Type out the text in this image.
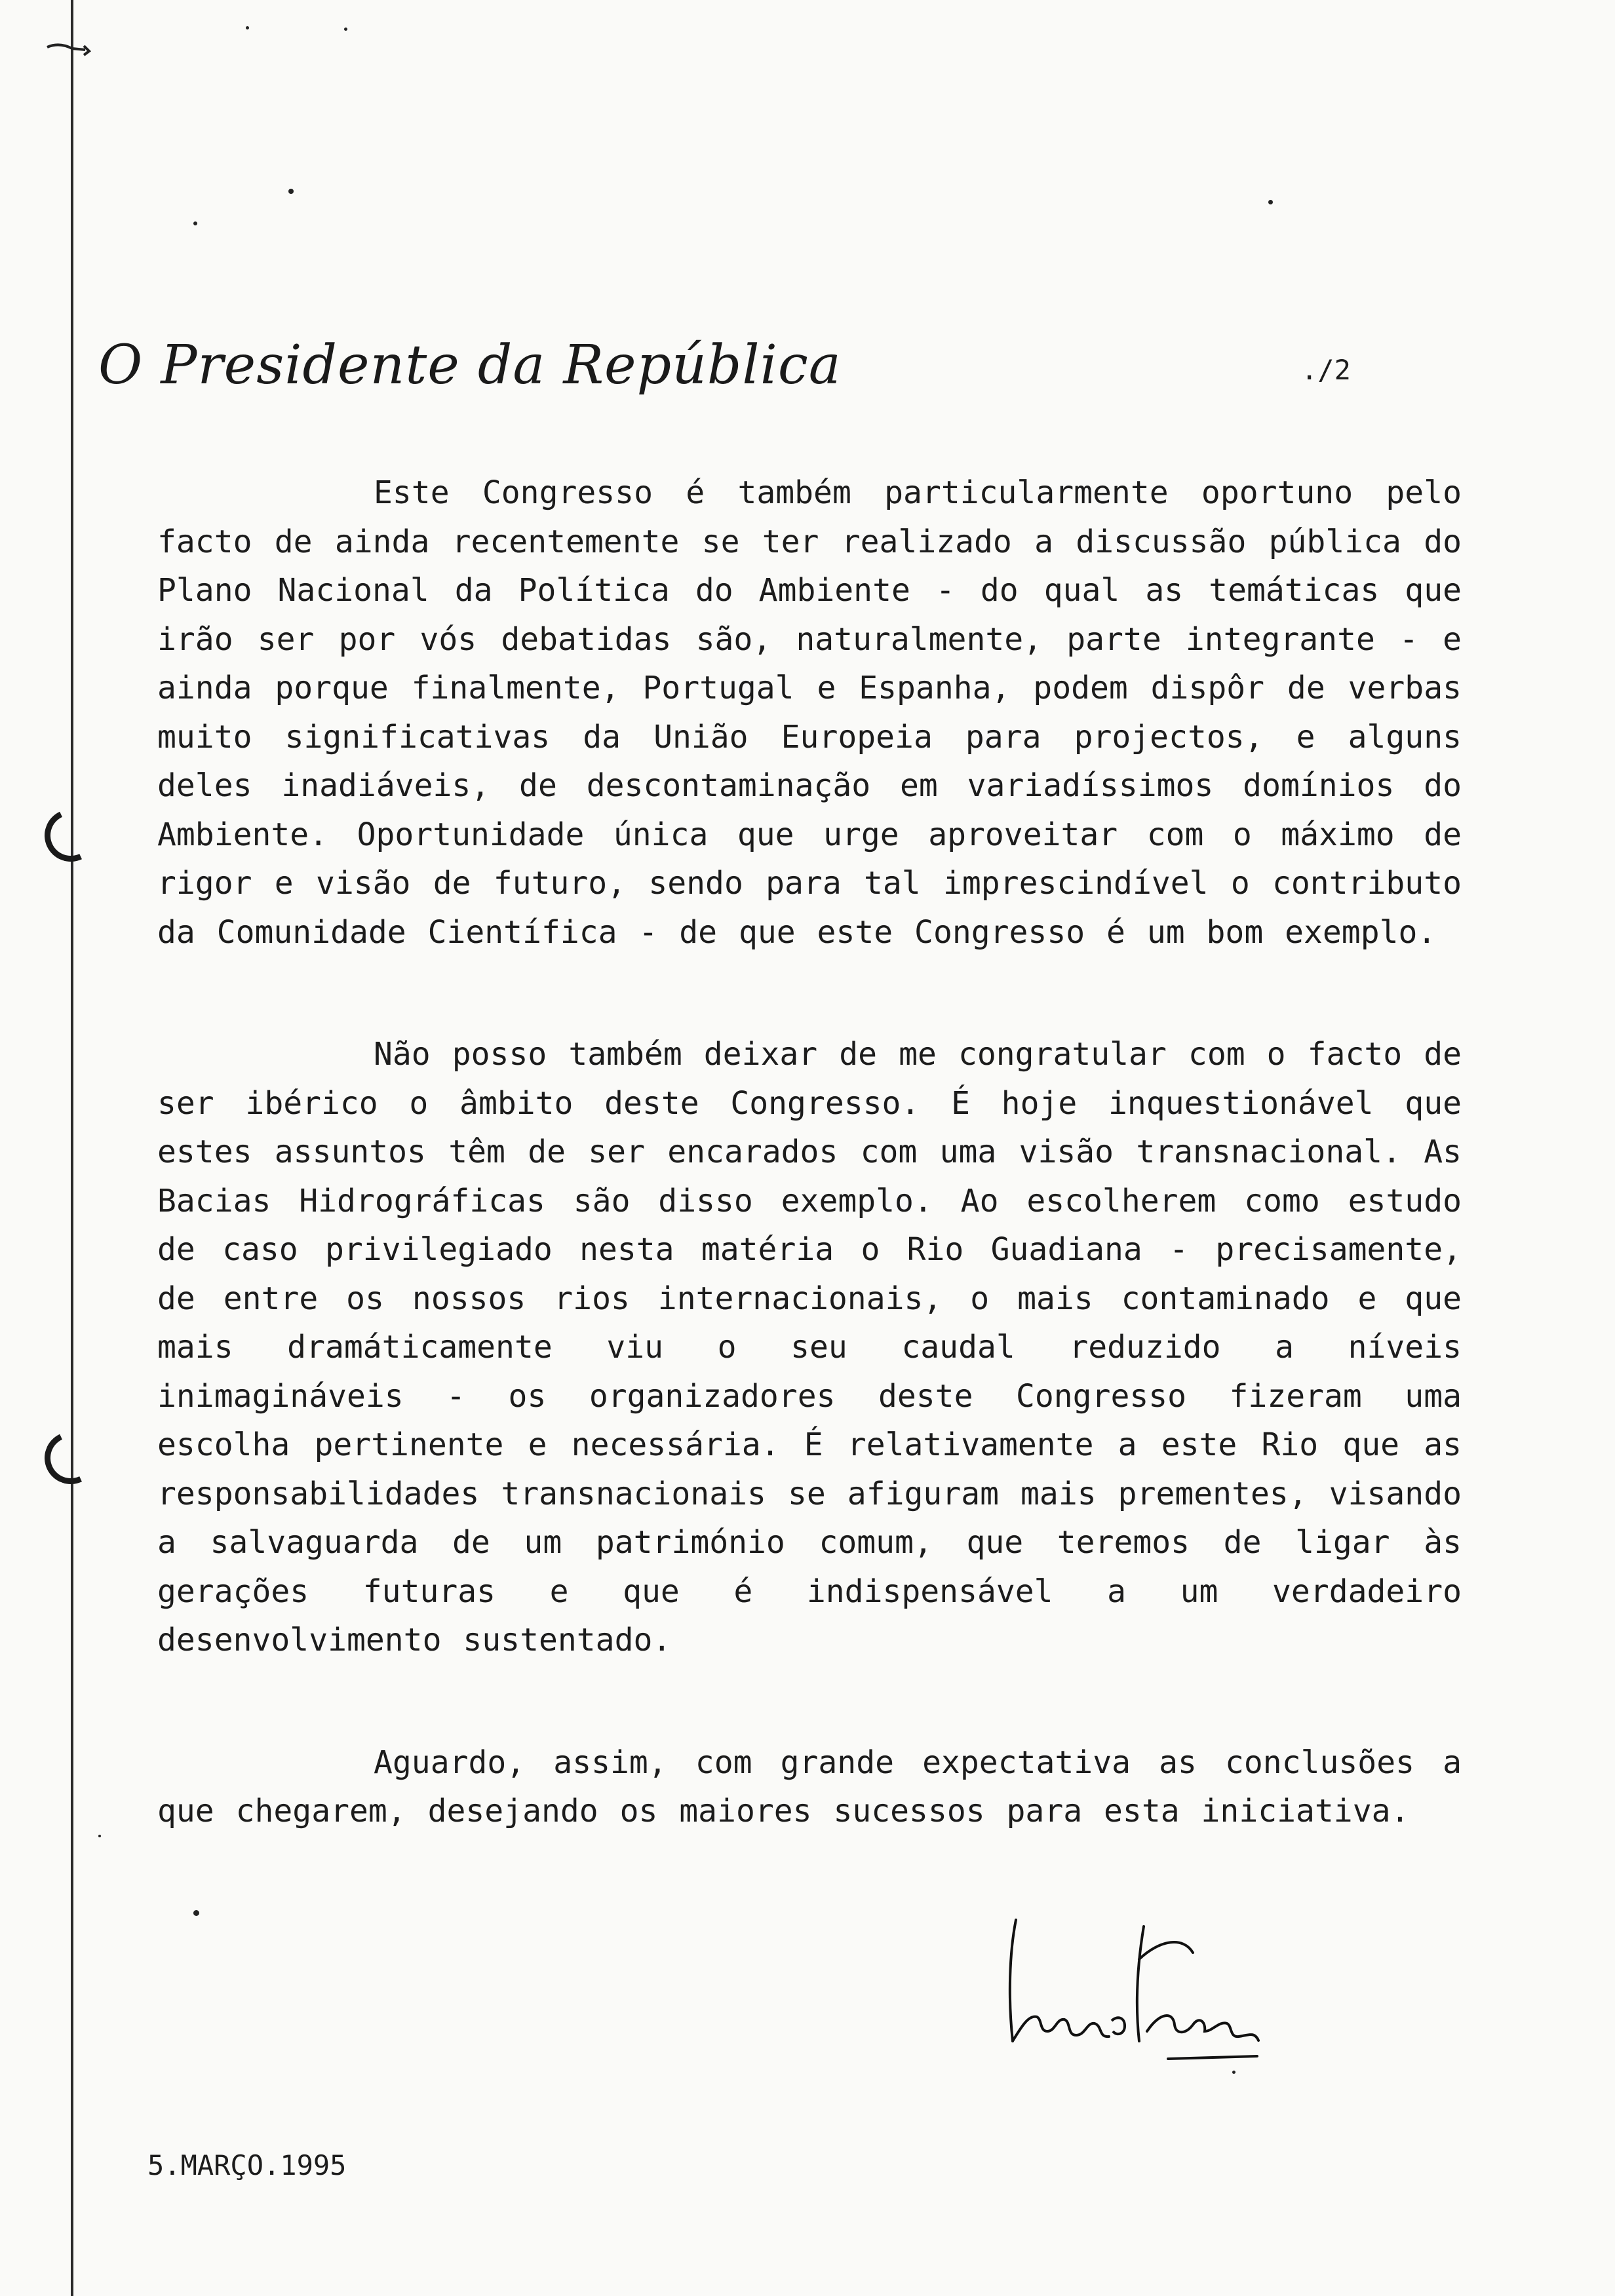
O Presidente da República	./2

Este Congresso é também particularmente oportuno pelo facto de ainda recentemente se ter realizado a discussão pública do Plano Nacional da Política do Ambiente - do qual as temáticas que irão ser por vós debatidas são, naturalmente, parte integrante - e ainda porque finalmente, Portugal e Espanha, podem dispôr de verbas muito significativas da União Europeia para projectos, e alguns deles inadiáveis, de descontaminação em variadíssimos domínios do Ambiente. Oportunidade única que urge aproveitar com o máximo de rigor e visão de futuro, sendo para tal imprescindível o contributo da Comunidade Científica - de que este Congresso é um bom exemplo.

Não posso também deixar de me congratular com o facto de ser ibérico o âmbito deste Congresso. É hoje inquestionável que estes assuntos têm de ser encarados com uma visão transnacional. As Bacias Hidrográficas são disso exemplo. Ao escolherem como estudo de caso privilegiado nesta matéria o Rio Guadiana - precisamente, de entre os nossos rios internacionais, o mais contaminado e que mais dramáticamente viu o seu caudal reduzido a níveis inimagináveis - os organizadores deste Congresso fizeram uma escolha pertinente e necessária. É relativamente a este Rio que as responsabilidades transnacionais se afiguram mais prementes, visando a salvaguarda de um património comum, que teremos de ligar às gerações futuras e que é indispensável a um verdadeiro desenvolvimento sustentado.

Aguardo, assim, com grande expectativa as conclusões a que chegarem, desejando os maiores sucessos para esta iniciativa.

5.MARÇO.1995
